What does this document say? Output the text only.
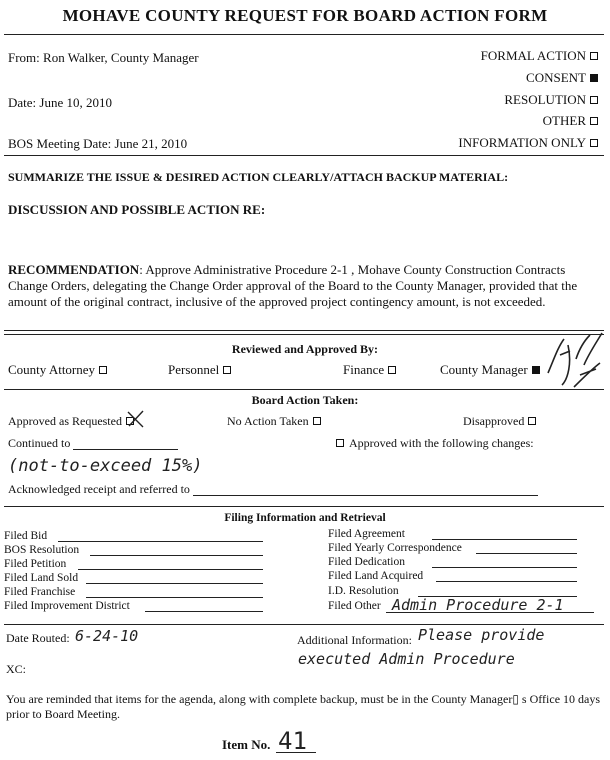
MOHAVE COUNTY REQUEST FOR BOARD ACTION FORM
From: Ron Walker, County Manager
Date: June 10, 2010
BOS Meeting Date: June 21, 2010
FORMAL ACTION
CONSENT
RESOLUTION
OTHER
INFORMATION ONLY
SUMMARIZE THE ISSUE & DESIRED ACTION CLEARLY/ATTACH BACKUP MATERIAL:
DISCUSSION AND POSSIBLE ACTION RE:
RECOMMENDATION: Approve Administrative Procedure 2-1 , Mohave County Construction Contracts Change Orders, delegating the Change Order approval of the Board to the County Manager, provided that the amount of the original contract, inclusive of the approved project contingency amount, is not exceeded.
Reviewed and Approved By:
County Attorney	Personnel	Finance	County Manager
Board Action Taken:
Approved as Requested	No Action Taken	Disapproved
Continued to	Approved with the following changes:
(not-to-exceed 15%)
Acknowledged receipt and referred to
Filing Information and Retrieval
Filed Bid
BOS Resolution
Filed Petition
Filed Land Sold
Filed Franchise
Filed Improvement District
Filed Agreement
Filed Yearly Correspondence
Filed Dedication
Filed Land Acquired
I.D. Resolution
Filed Other Admin Procedure 2-1
Date Routed: 6-24-10	Additional Information: Please provide
executed Admin Procedure
XC:
You are reminded that items for the agenda, along with complete backup, must be in the County Manager▯ s Office 10 days prior to Board Meeting.
Item No. 41
